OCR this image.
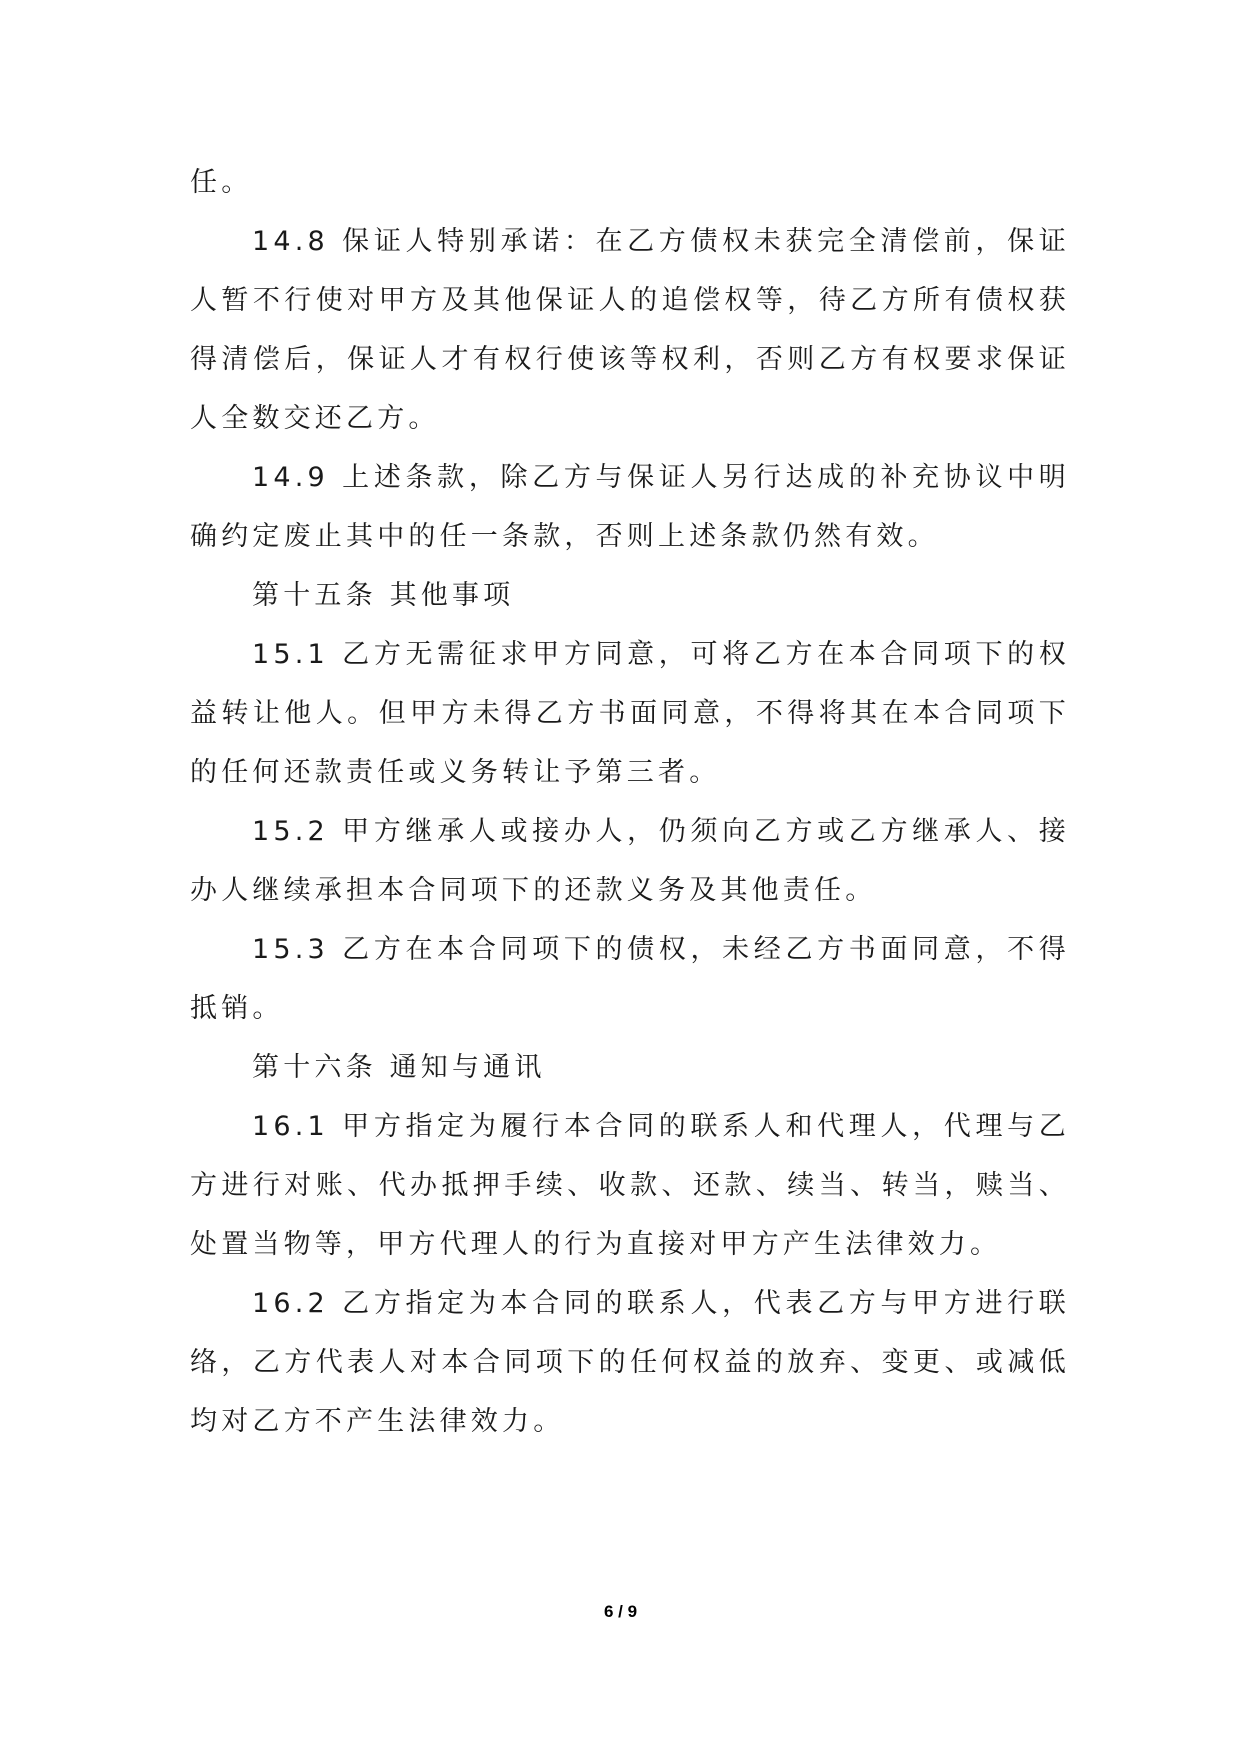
任。

14.8 保证人特别承诺：在乙方债权未获完全清偿前，保证人暂不行使对甲方及其他保证人的追偿权等，待乙方所有债权获得清偿后，保证人才有权行使该等权利，否则乙方有权要求保证人全数交还乙方。

14.9 上述条款，除乙方与保证人另行达成的补充协议中明确约定废止其中的任一条款，否则上述条款仍然有效。

第十五条 其他事项

15.1 乙方无需征求甲方同意，可将乙方在本合同项下的权益转让他人。但甲方未得乙方书面同意，不得将其在本合同项下的任何还款责任或义务转让予第三者。

15.2 甲方继承人或接办人，仍须向乙方或乙方继承人、接办人继续承担本合同项下的还款义务及其他责任。

15.3 乙方在本合同项下的债权，未经乙方书面同意，不得抵销。

第十六条 通知与通讯

16.1 甲方指定为履行本合同的联系人和代理人，代理与乙方进行对账、代办抵押手续、收款、还款、续当、转当，赎当、处置当物等，甲方代理人的行为直接对甲方产生法律效力。

16.2 乙方指定为本合同的联系人，代表乙方与甲方进行联络，乙方代表人对本合同项下的任何权益的放弃、变更、或减低均对乙方不产生法律效力。

6 / 9
